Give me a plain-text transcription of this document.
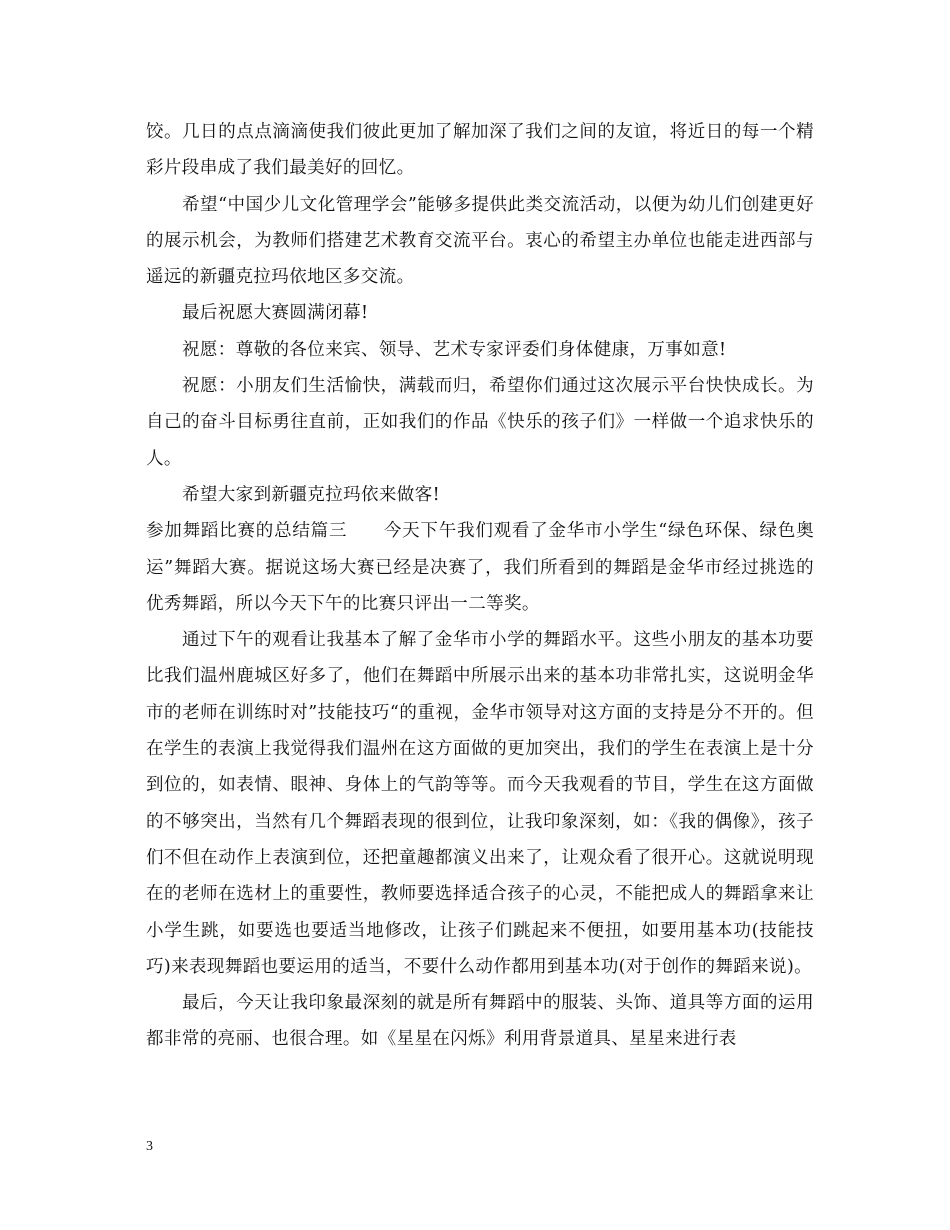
饺。几日的点点滴滴使我们彼此更加了解加深了我们之间的友谊，将近日的每一个精彩片段串成了我们最美好的回忆。

希望“中国少儿文化管理学会”能够多提供此类交流活动，以便为幼儿们创建更好的展示机会，为教师们搭建艺术教育交流平台。衷心的希望主办单位也能走进西部与遥远的新疆克拉玛依地区多交流。

最后祝愿大赛圆满闭幕!

祝愿：尊敬的各位来宾、领导、艺术专家评委们身体健康，万事如意!

祝愿：小朋友们生活愉快，满载而归，希望你们通过这次展示平台快快成长。为自己的奋斗目标勇往直前，正如我们的作品《快乐的孩子们》一样做一个追求快乐的人。

希望大家到新疆克拉玛依来做客!

参加舞蹈比赛的总结篇三　　今天下午我们观看了金华市小学生“绿色环保、绿色奥运”舞蹈大赛。据说这场大赛已经是决赛了，我们所看到的舞蹈是金华市经过挑选的优秀舞蹈，所以今天下午的比赛只评出一二等奖。

通过下午的观看让我基本了解了金华市小学的舞蹈水平。这些小朋友的基本功要比我们温州鹿城区好多了，他们在舞蹈中所展示出来的基本功非常扎实，这说明金华市的老师在训练时对”技能技巧“的重视，金华市领导对这方面的支持是分不开的。但在学生的表演上我觉得我们温州在这方面做的更加突出，我们的学生在表演上是十分到位的，如表情、眼神、身体上的气韵等等。而今天我观看的节目，学生在这方面做的不够突出，当然有几个舞蹈表现的很到位，让我印象深刻，如：《我的偶像》，孩子们不但在动作上表演到位，还把童趣都演义出来了，让观众看了很开心。这就说明现在的老师在选材上的重要性，教师要选择适合孩子的心灵，不能把成人的舞蹈拿来让小学生跳，如要选也要适当地修改，让孩子们跳起来不便扭，如要用基本功(技能技巧)来表现舞蹈也要运用的适当，不要什么动作都用到基本功(对于创作的舞蹈来说)。

最后，今天让我印象最深刻的就是所有舞蹈中的服装、头饰、道具等方面的运用都非常的亮丽、也很合理。如《星星在闪烁》利用背景道具、星星来进行表

3
